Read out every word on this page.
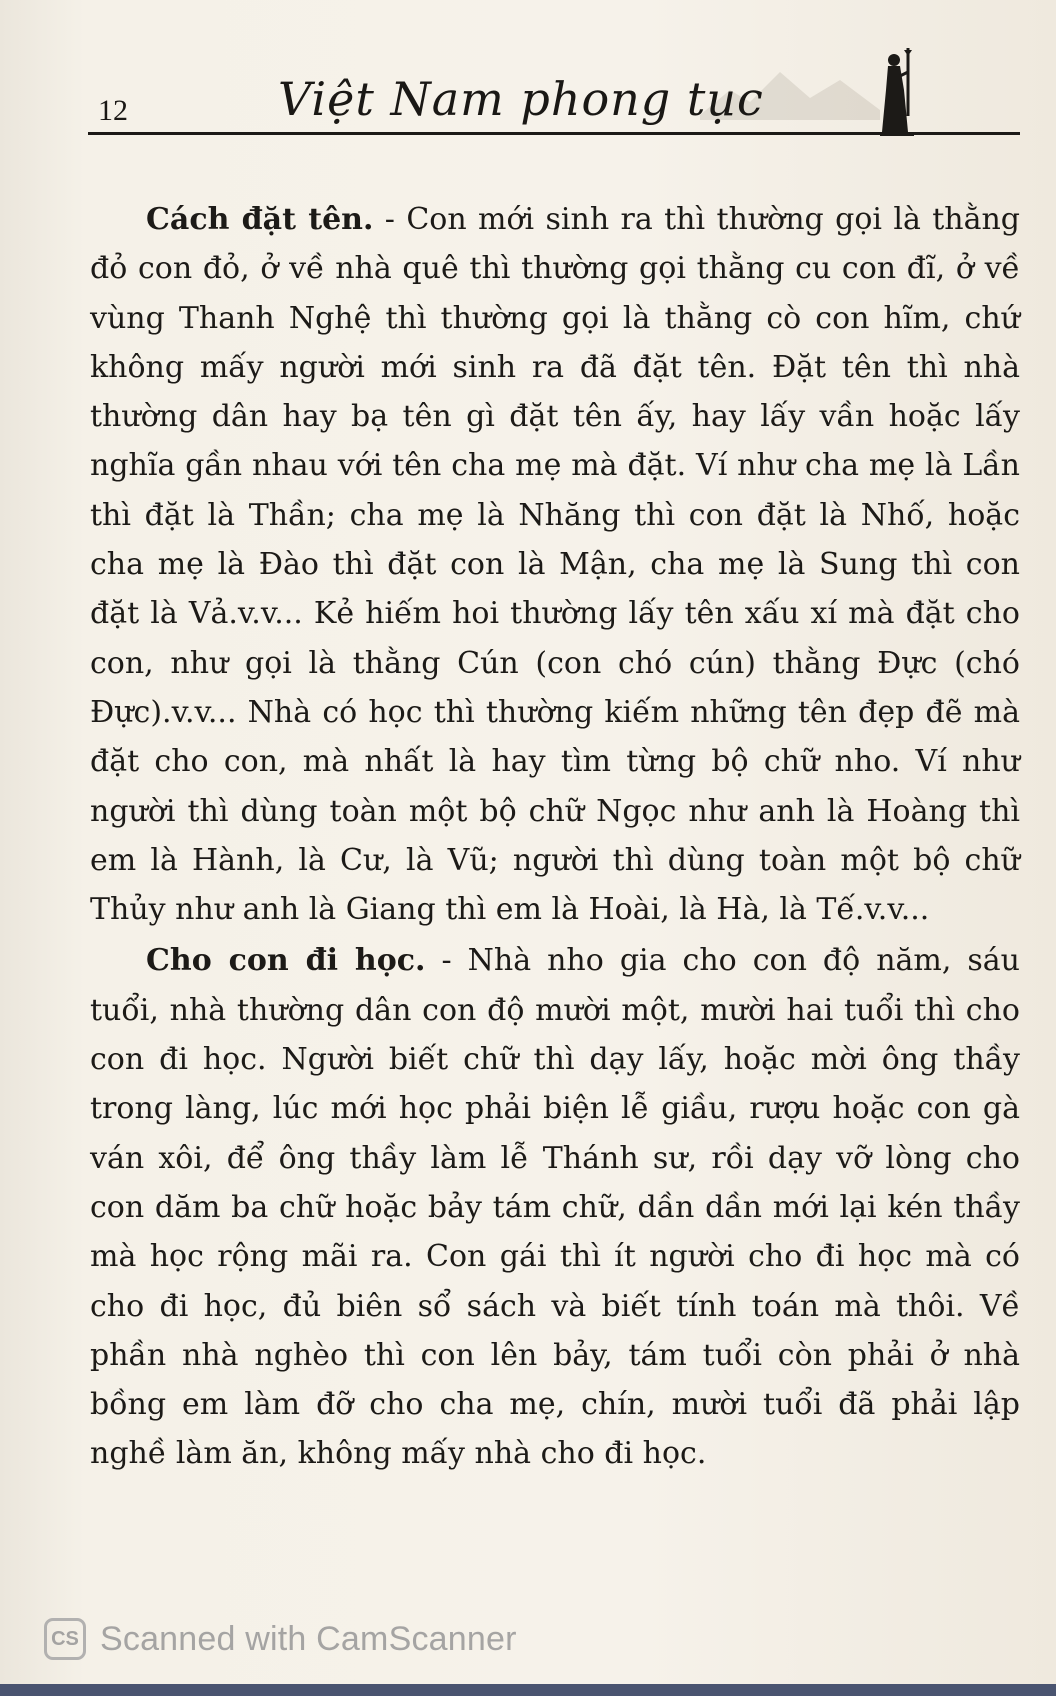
12	Việt Nam phong tục

Cách đặt tên. - Con mới sinh ra thì thường gọi là thằng đỏ con đỏ, ở về nhà quê thì thường gọi thằng cu con đĩ, ở về vùng Thanh Nghệ thì thường gọi là thằng cò con hĩm, chứ không mấy người mới sinh ra đã đặt tên. Đặt tên thì nhà thường dân hay bạ tên gì đặt tên ấy, hay lấy vần hoặc lấy nghĩa gần nhau với tên cha mẹ mà đặt. Ví như cha mẹ là Lần thì đặt là Thần; cha mẹ là Nhăng thì con đặt là Nhố, hoặc cha mẹ là Đào thì đặt con là Mận, cha mẹ là Sung thì con đặt là Vả.v.v... Kẻ hiếm hoi thường lấy tên xấu xí mà đặt cho con, như gọi là thằng Cún (con chó cún) thằng Đực (chó Đực).v.v... Nhà có học thì thường kiếm những tên đẹp đẽ mà đặt cho con, mà nhất là hay tìm từng bộ chữ nho. Ví như người thì dùng toàn một bộ chữ Ngọc như anh là Hoàng thì em là Hành, là Cư, là Vũ; người thì dùng toàn một bộ chữ Thủy như anh là Giang thì em là Hoài, là Hà, là Tế.v.v...

Cho con đi học. - Nhà nho gia cho con độ năm, sáu tuổi, nhà thường dân con độ mười một, mười hai tuổi thì cho con đi học. Người biết chữ thì dạy lấy, hoặc mời ông thầy trong làng, lúc mới học phải biện lễ giầu, rượu hoặc con gà ván xôi, để ông thầy làm lễ Thánh sư, rồi dạy vỡ lòng cho con dăm ba chữ hoặc bảy tám chữ, dần dần mới lại kén thầy mà học rộng mãi ra. Con gái thì ít người cho đi học mà có cho đi học, đủ biên sổ sách và biết tính toán mà thôi. Về phần nhà nghèo thì con lên bảy, tám tuổi còn phải ở nhà bồng em làm đỡ cho cha mẹ, chín, mười tuổi đã phải lập nghề làm ăn, không mấy nhà cho đi học.

CS Scanned with CamScanner
